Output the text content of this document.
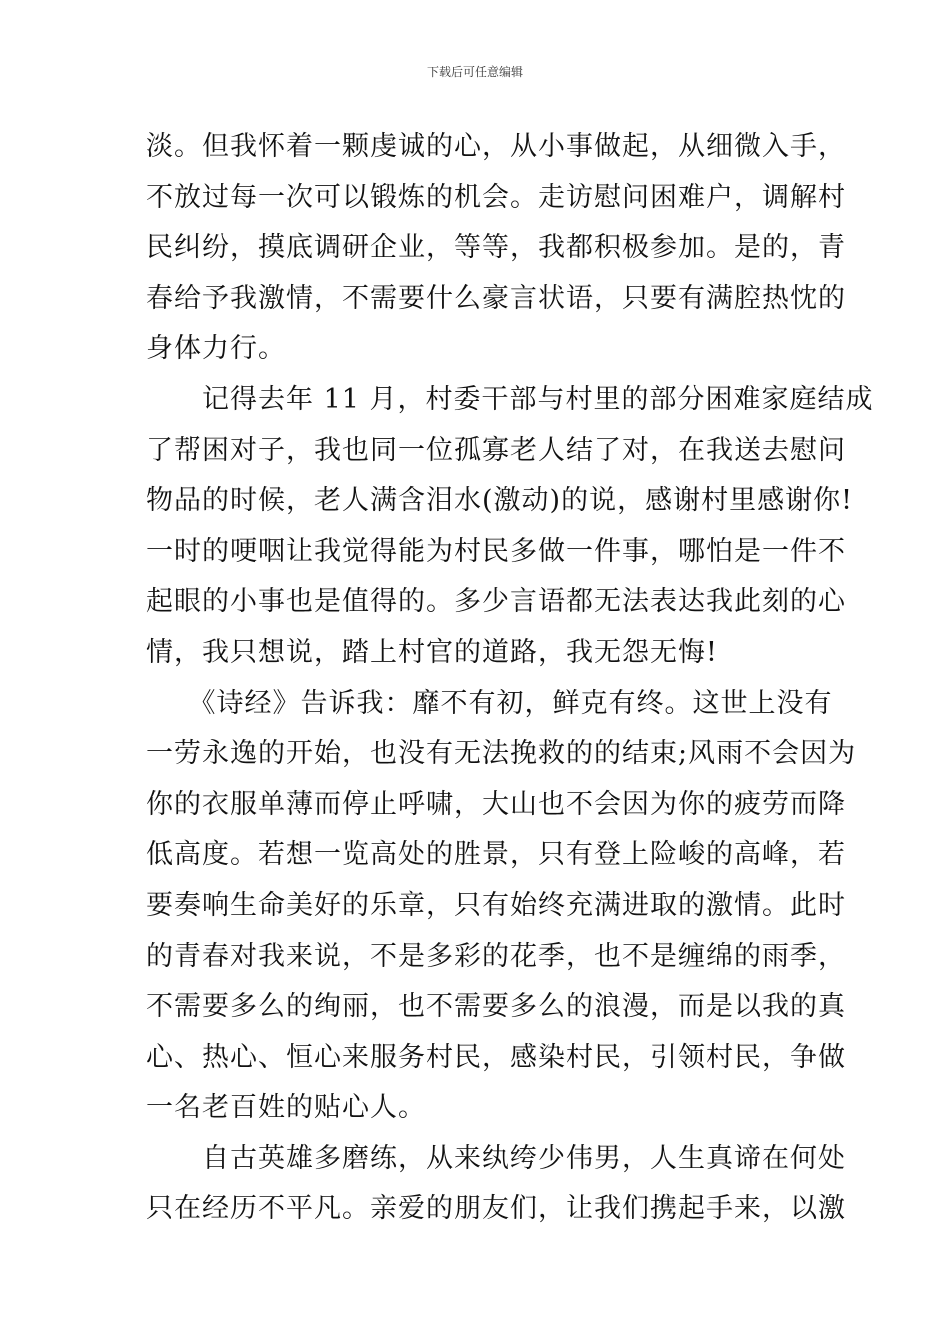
下载后可任意编辑
淡。但我怀着一颗虔诚的心，从小事做起，从细微入手，
不放过每一次可以锻炼的机会。走访慰问困难户，调解村
民纠纷，摸底调研企业，等等，我都积极参加。是的，青
春给予我激情，不需要什么豪言状语，只要有满腔热忱的
身体力行。
　　记得去年 11 月，村委干部与村里的部分困难家庭结成
了帮困对子，我也同一位孤寡老人结了对，在我送去慰问
物品的时候，老人满含泪水(激动)的说，感谢村里感谢你!
一时的哽咽让我觉得能为村民多做一件事，哪怕是一件不
起眼的小事也是值得的。多少言语都无法表达我此刻的心
情，我只想说，踏上村官的道路，我无怨无悔!
　　《诗经》告诉我：靡不有初，鲜克有终。这世上没有
一劳永逸的开始，也没有无法挽救的的结束;风雨不会因为
你的衣服单薄而停止呼啸，大山也不会因为你的疲劳而降
低高度。若想一览高处的胜景，只有登上险峻的高峰，若
要奏响生命美好的乐章，只有始终充满进取的激情。此时
的青春对我来说，不是多彩的花季，也不是缠绵的雨季，
不需要多么的绚丽，也不需要多么的浪漫，而是以我的真
心、热心、恒心来服务村民，感染村民，引领村民，争做
一名老百姓的贴心人。
　　自古英雄多磨练，从来纨绔少伟男，人生真谛在何处
只在经历不平凡。亲爱的朋友们，让我们携起手来，以激
